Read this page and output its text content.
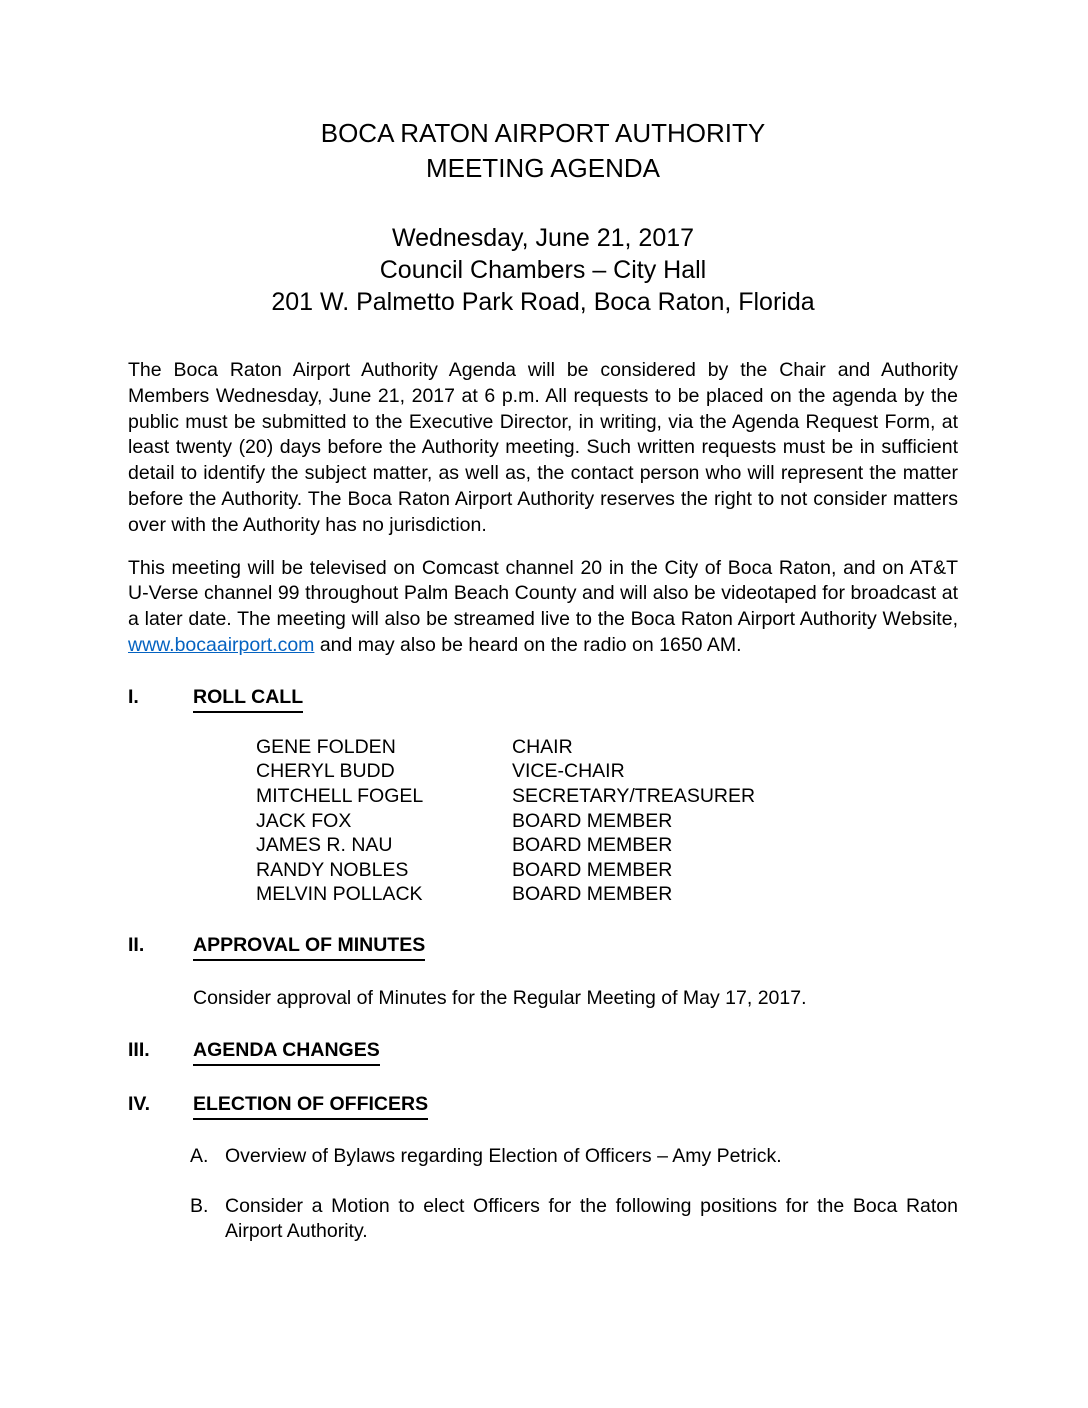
BOCA RATON AIRPORT AUTHORITY
MEETING AGENDA
Wednesday, June 21, 2017
Council Chambers – City Hall
201 W. Palmetto Park Road, Boca Raton, Florida

The Boca Raton Airport Authority Agenda will be considered by the Chair and Authority Members Wednesday, June 21, 2017 at 6 p.m. All requests to be placed on the agenda by the public must be submitted to the Executive Director, in writing, via the Agenda Request Form, at least twenty (20) days before the Authority meeting. Such written requests must be in sufficient detail to identify the subject matter, as well as, the contact person who will represent the matter before the Authority. The Boca Raton Airport Authority reserves the right to not consider matters over with the Authority has no jurisdiction.

This meeting will be televised on Comcast channel 20 in the City of Boca Raton, and on AT&T U-Verse channel 99 throughout Palm Beach County and will also be videotaped for broadcast at a later date. The meeting will also be streamed live to the Boca Raton Airport Authority Website, www.bocaairport.com and may also be heard on the radio on 1650 AM.

I.	ROLL CALL
GENE FOLDEN	CHAIR
CHERYL BUDD	VICE-CHAIR
MITCHELL FOGEL	SECRETARY/TREASURER
JACK FOX	BOARD MEMBER
JAMES R. NAU	BOARD MEMBER
RANDY NOBLES	BOARD MEMBER
MELVIN POLLACK	BOARD MEMBER
II.	APPROVAL OF MINUTES

Consider approval of Minutes for the Regular Meeting of May 17, 2017.

III.	AGENDA CHANGES
IV.	ELECTION OF OFFICERS
A. Overview of Bylaws regarding Election of Officers – Amy Petrick.
B. Consider a Motion to elect Officers for the following positions for the Boca Raton Airport Authority.
